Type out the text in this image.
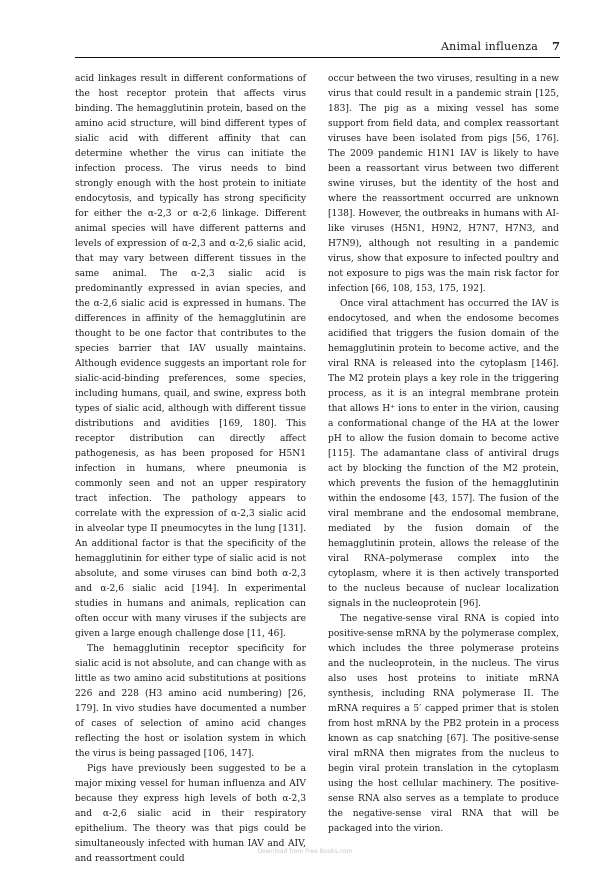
Animal influenza 7

acid linkages result in different conformations of the host receptor protein that affects virus binding. The hemagglutinin protein, based on the amino acid structure, will bind different types of sialic acid with different affinity that can determine whether the virus can initiate the infection process. The virus needs to bind strongly enough with the host protein to initiate endocytosis, and typically has strong specificity for either the α-2,3 or α-2,6 linkage. Different animal species will have different patterns and levels of expression of α-2,3 and α-2,6 sialic acid, that may vary between different tissues in the same animal. The α-2,3 sialic acid is predominantly expressed in avian species, and the α-2,6 sialic acid is expressed in humans. The differences in affinity of the hemagglutinin are thought to be one factor that contributes to the species barrier that IAV usually maintains. Although evidence suggests an important role for sialic-acid-binding preferences, some species, including humans, quail, and swine, express both types of sialic acid, although with different tissue distributions and avidities [169, 180]. This receptor distribution can directly affect pathogenesis, as has been proposed for H5N1 infection in humans, where pneumonia is commonly seen and not an upper respiratory tract infection. The pathology appears to correlate with the expression of α-2,3 sialic acid in alveolar type II pneumocytes in the lung [131]. An additional factor is that the specificity of the hemagglutinin for either type of sialic acid is not absolute, and some viruses can bind both α-2,3 and α-2,6 sialic acid [194]. In experimental studies in humans and animals, replication can often occur with many viruses if the subjects are given a large enough challenge dose [11, 46].

The hemagglutinin receptor specificity for sialic acid is not absolute, and can change with as little as two amino acid substitutions at positions 226 and 228 (H3 amino acid numbering) [26, 179]. In vivo studies have documented a number of cases of selection of amino acid changes reflecting the host or isolation system in which the virus is being passaged [106, 147].

Pigs have previously been suggested to be a major mixing vessel for human influenza and AIV because they express high levels of both α-2,3 and α-2,6 sialic acid in their respiratory epithelium. The theory was that pigs could be simultaneously infected with human IAV and AIV, and reassortment could

occur between the two viruses, resulting in a new virus that could result in a pandemic strain [125, 183]. The pig as a mixing vessel has some support from field data, and complex reassortant viruses have been isolated from pigs [56, 176]. The 2009 pandemic H1N1 IAV is likely to have been a reassortant virus between two different swine viruses, but the identity of the host and where the reassortment occurred are unknown [138]. However, the outbreaks in humans with AI-like viruses (H5N1, H9N2, H7N7, H7N3, and H7N9), although not resulting in a pandemic virus, show that exposure to infected poultry and not exposure to pigs was the main risk factor for infection [66, 108, 153, 175, 192].

Once viral attachment has occurred the IAV is endocytosed, and when the endosome becomes acidified that triggers the fusion domain of the hemagglutinin protein to become active, and the viral RNA is released into the cytoplasm [146]. The M2 protein plays a key role in the triggering process, as it is an integral membrane protein that allows H⁺ ions to enter in the virion, causing a conformational change of the HA at the lower pH to allow the fusion domain to become active [115]. The adamantane class of antiviral drugs act by blocking the function of the M2 protein, which prevents the fusion of the hemagglutinin within the endosome [43, 157]. The fusion of the viral membrane and the endosomal membrane, mediated by the fusion domain of the hemagglutinin protein, allows the release of the viral RNA–polymerase complex into the cytoplasm, where it is then actively transported to the nucleus because of nuclear localization signals in the nucleoprotein [96].

The negative-sense viral RNA is copied into positive-sense mRNA by the polymerase complex, which includes the three polymerase proteins and the nucleoprotein, in the nucleus. The virus also uses host proteins to initiate mRNA synthesis, including RNA polymerase II. The mRNA requires a 5′ capped primer that is stolen from host mRNA by the PB2 protein in a process known as cap snatching [67]. The positive-sense viral mRNA then migrates from the nucleus to begin viral protein translation in the cytoplasm using the host cellular machinery. The positive-sense RNA also serves as a template to produce the negative-sense viral RNA that will be packaged into the virion.

Download from Free Books.com
